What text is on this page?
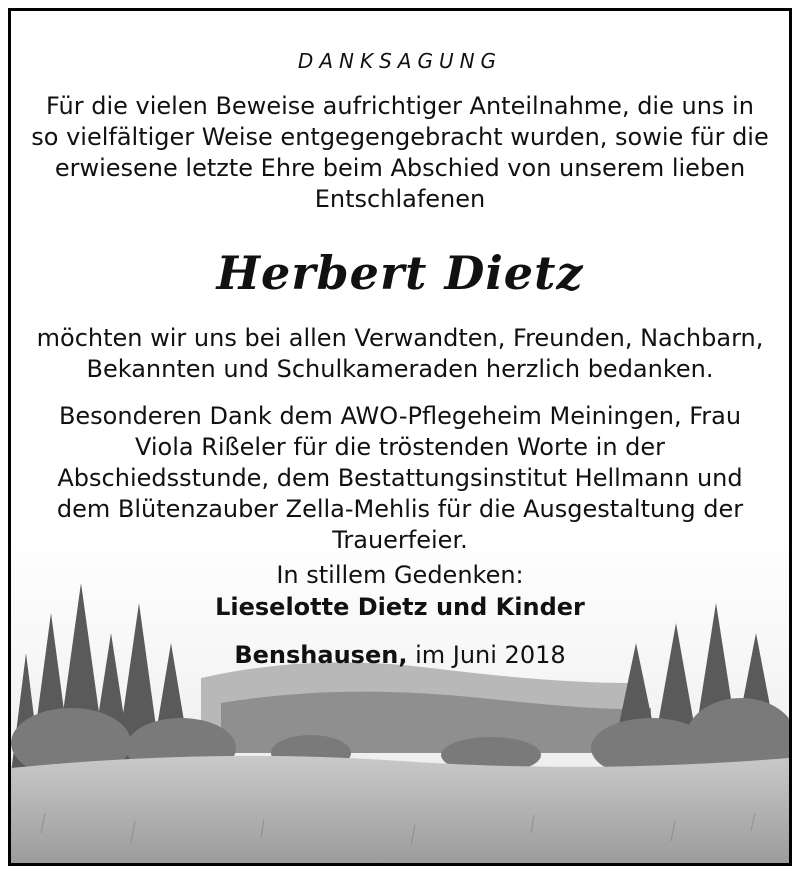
DANKSAGUNG
Für die vielen Beweise aufrichtiger Anteilnahme, die uns in so vielfältiger Weise entgegengebracht wurden, sowie für die erwiesene letzte Ehre beim Abschied von unserem lieben Entschlafenen
Herbert Dietz
möchten wir uns bei allen Verwandten, Freunden, Nachbarn, Bekannten und Schulkameraden herzlich bedanken.
Besonderen Dank dem AWO-Pflegeheim Meiningen, Frau Viola Rißeler für die tröstenden Worte in der Abschiedsstunde, dem Bestattungsinstitut Hellmann und dem Blütenzauber Zella-Mehlis für die Ausgestaltung der Trauerfeier.
In stillem Gedenken:
Lieselotte Dietz und Kinder
Benshausen, im Juni 2018
